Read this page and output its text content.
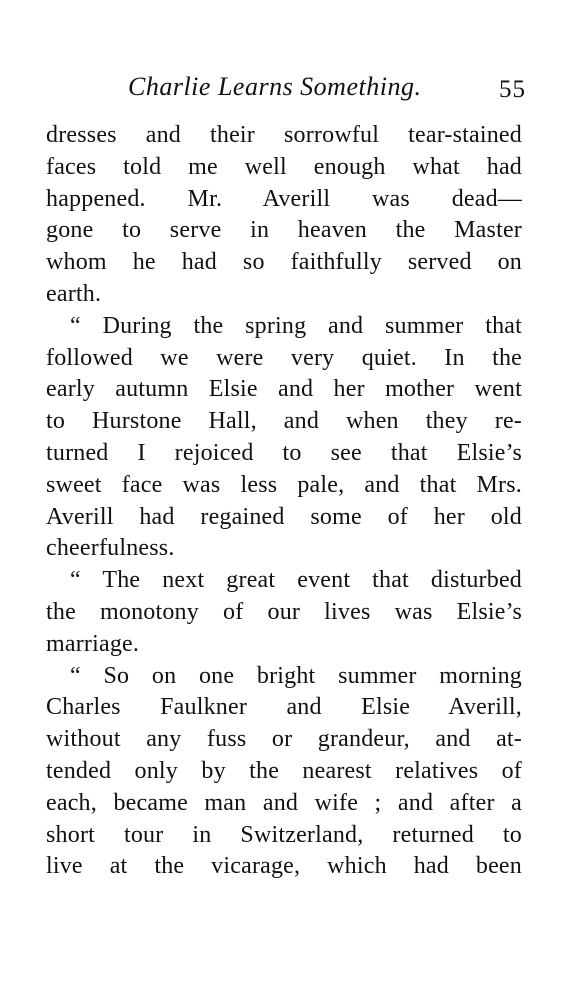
Charlie Learns Something.	55
dresses and their sorrowful tear-stained
faces told me well enough what had
happened. Mr. Averill was dead—
gone to serve in heaven the Master
whom he had so faithfully served on
earth.
“ During the spring and summer that
followed we were very quiet. In the
early autumn Elsie and her mother went
to Hurstone Hall, and when they re-
turned I rejoiced to see that Elsie’s
sweet face was less pale, and that Mrs.
Averill had regained some of her old
cheerfulness.
“ The next great event that disturbed
the monotony of our lives was Elsie’s
marriage.
“ So on one bright summer morning
Charles Faulkner and Elsie Averill,
without any fuss or grandeur, and at-
tended only by the nearest relatives of
each, became man and wife ; and after a
short tour in Switzerland, returned to
live at the vicarage, which had been
